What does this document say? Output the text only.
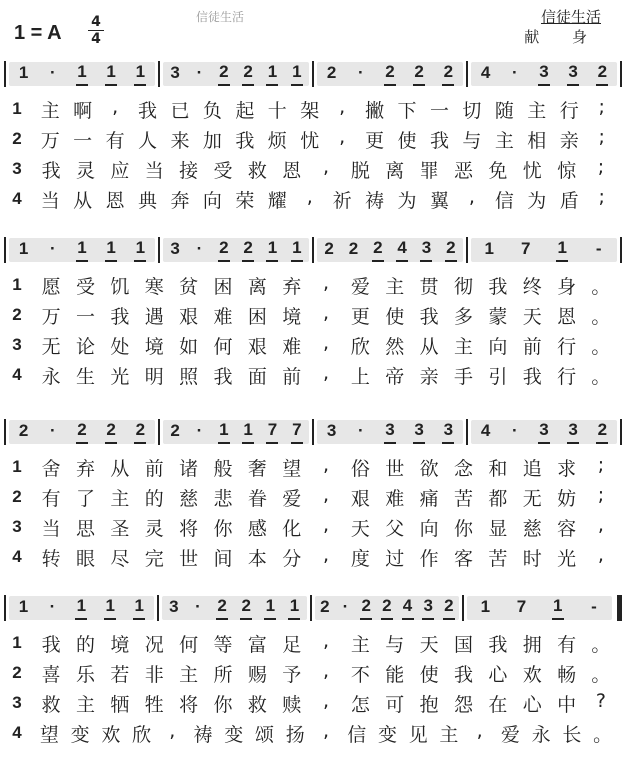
1 = A 4
4
信徒生活	信徒生活
献 身
1 · 1 1 1 3 · 2 2 1 1 2 · 2 2 2 4 · 3 3 2
1 主 啊	,	我 已 负 起 十 架	,	撇 下 一 切 随 主 行	;
2 万 一 有 人 来 加 我 烦 忧	,	更 使 我 与 主 相 亲	;
3	我 灵 应 当 接 受 救 恩	,	脱 离 罪 恶 免 忧 惊	;
4 当 从 恩 典 奔 向 荣 耀	,	祈 祷 为 翼	,	信 为 盾	;
1 · 1 1 1 3 · 2 2 1 1 2 2 2 4 3 2 1 7 1 -
1	愿 受 饥 寒 贫 困 离 弃	,	爱 主 贯 彻 我 终 身 。
2	万 一 我 遇 艰 难 困 境	,	更 使 我 多 蒙 天 恩 。
3	无 论 处 境 如 何 艰 难	,	欣 然 从 主 向 前 行 。
4	永 生 光 明 照 我 面 前	,	上 帝 亲 手 引 我 行 。
2 · 2 2 2 2 · 1 1 7 7 3 · 3 3 3 4 · 3 3 2
1	舍 弃 从 前 诸 般 奢 望	,	俗 世 欲 念 和 追 求	;
2	有 了 主 的 慈 悲 眷 爱	,	艰 难 痛 苦 都 无 妨	;
3	当 思 圣 灵 将 你 感 化	,	天 父 向 你 显 慈 容	,
4	转 眼 尽 完 世 间 本 分	,	度 过 作 客 苦 时 光	,
1 · 1 1 1 3 · 2 2 1 1 2 · 2 2 4 3 2 1 7 1 -
1	我 的 境 况 何 等 富 足	,	主 与 天 国 我 拥 有 。
2	喜 乐 若 非 主 所 赐 予	,	不 能 使 我 心 欢 畅 。
3	救 主 牺 牲 将 你 救 赎	,	怎 可 抱 怨 在 心 中	?
4 望 变 欢 欣 , 祷 变 颂 扬 , 信 变 见 主 , 爱 永 长 。
